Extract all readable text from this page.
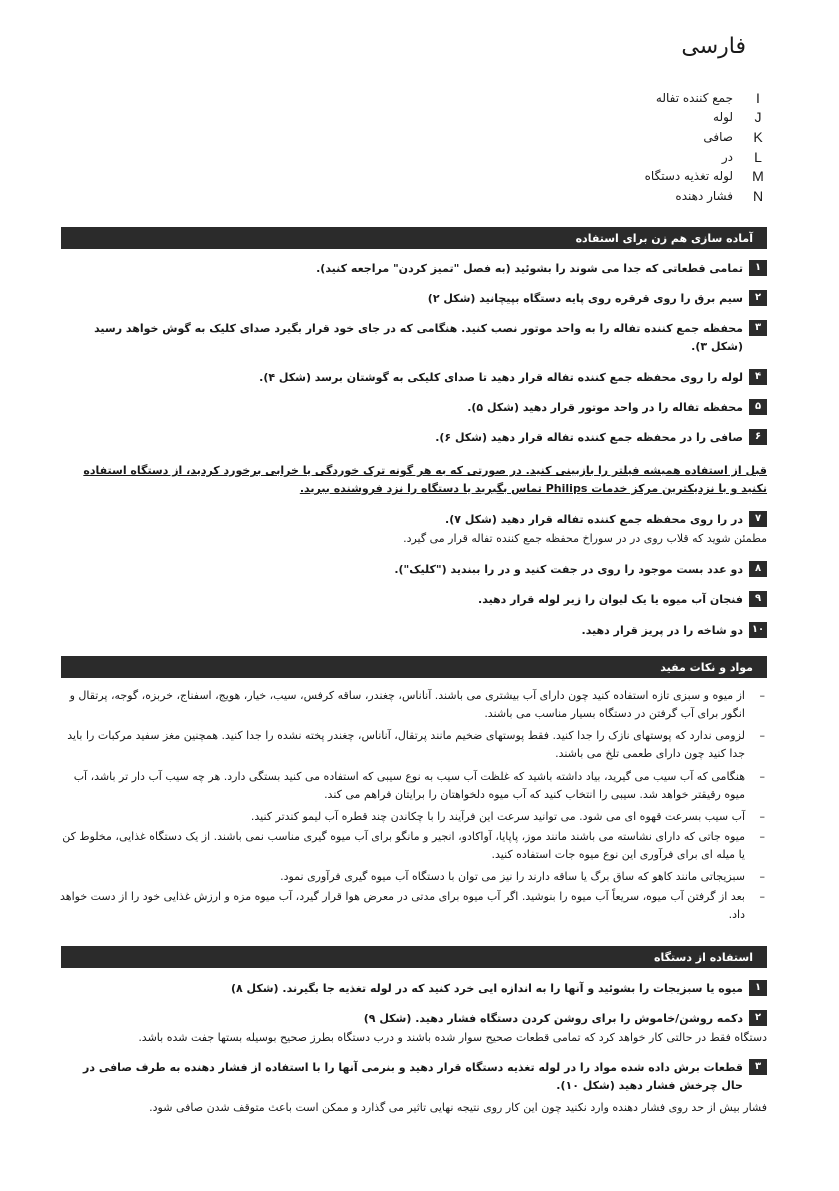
فارسی
I
جمع کننده تفاله
J
لوله
K
صافی
L
در
M
لوله تغذیه دستگاه
N
فشار دهنده
آماده سازی هم زن برای استفاده
۱
تمامی قطعاتی که جدا می شوند را بشوئید (به فصل "تمیز کردن" مراجعه کنید).
۲
سیم برق را روی قرقره روی پایه دستگاه بپیچانید (شکل ۲)
۳
محفظه جمع کننده تفاله را به واحد موتور نصب کنید. هنگامی که در جای خود قرار بگیرد صدای کلیک به گوش خواهد رسید (شکل ۳).
۴
لوله را روی محفظه جمع کننده تفاله قرار دهید تا صدای کلیکی به گوشتان برسد (شکل ۴).
۵
محفظه تفاله را در واحد موتور قرار دهید (شکل ۵).
۶
صافی را در محفظه جمع کننده تفاله قرار دهید (شکل ۶).
قبل از استفاده همیشه فیلتر را بازبینی کنید. در صورتی که به هر گونه ترک خوردگی یا خرابی برخورد کردید، از دستگاه استفاده نکنید و با نزدیکترین مرکز خدمات Philips تماس بگیرید یا دستگاه را نزد فروشنده ببرید.
۷
در را روی محفظه جمع کننده تفاله قرار دهید (شکل ۷).
مطمئن شوید که قلاب روی در در سوراخ محفظه جمع کننده تفاله قرار می گیرد.
۸
دو عدد بست موجود را روی در جفت کنید و در را ببندید ("کلیک").
۹
فنجان آب میوه یا یک لیوان را زیر لوله قرار دهید.
۱۰
دو شاخه را در پریز قرار دهید.
مواد و نکات مفید
–
از میوه و سبزی تازه استفاده کنید چون دارای آب بیشتری می باشند. آناناس، چغندر، ساقه کرفس، سیب، خیار، هویج، اسفناج، خربزه، گوجه، پرتقال و انگور برای آب گرفتن در دستگاه بسیار مناسب می باشند.
–
لزومی ندارد که پوستهای نازک را جدا کنید. فقط پوستهای ضخیم مانند پرتقال، آناناس، چغندر پخته نشده را جدا کنید. همچنین مغز سفید مرکبات را باید جدا کنید چون دارای طعمی تلخ می باشند.
–
هنگامی که آب سیب می گیرید، بیاد داشته باشید که غلظت آب سیب به نوع سیبی که استفاده می کنید بستگی دارد. هر چه سیب آب دار تر باشد، آب میوه رقیقتر خواهد شد. سیبی را انتخاب کنید که آب میوه دلخواهتان را برایتان فراهم می کند.
–
آب سیب بسرعت قهوه ای می شود. می توانید سرعت این فرآیند را با چکاندن چند قطره آب لیمو کندتر کنید.
–
میوه جاتی که دارای نشاسته می باشند مانند موز، پاپایا، آواکادو، انجیر و مانگو برای آب میوه گیری مناسب نمی باشند. از یک دستگاه غذایی، مخلوط کن یا میله ای برای فرآوری این نوع میوه جات استفاده کنید.
–
سبزیجاتی مانند کاهو که ساق برگ یا ساقه دارند را نیز می توان با دستگاه آب میوه گیری فرآوری نمود.
–
بعد از گرفتن آب میوه، سریعاً آب میوه را بنوشید. اگر آب میوه برای مدتی در معرض هوا قرار گیرد، آب میوه مزه و ارزش غذایی خود را از دست خواهد داد.
استفاده از دستگاه
۱
میوه یا سبزیجات را بشوئید و آنها را به اندازه ایی خرد کنید که در لوله تغذیه جا بگیرند. (شکل ۸)
۲
دکمه روشن/خاموش را برای روشن کردن دستگاه فشار دهید. (شکل ۹)
دستگاه فقط در حالتی کار خواهد کرد که تمامی قطعات صحیح سوار شده باشند و درب دستگاه بطرز صحیح بوسیله بستها جفت شده باشد.
۳
قطعات برش داده شده مواد را در لوله تغذیه دستگاه قرار دهید و بنرمی آنها را با استفاده از فشار دهنده به طرف صافی در حال چرخش فشار دهید (شکل ۱۰).
فشار بیش از حد روی فشار دهنده وارد نکنید چون این کار روی نتیجه نهایی تاثیر می گذارد و ممکن است باعث متوقف شدن صافی شود.
